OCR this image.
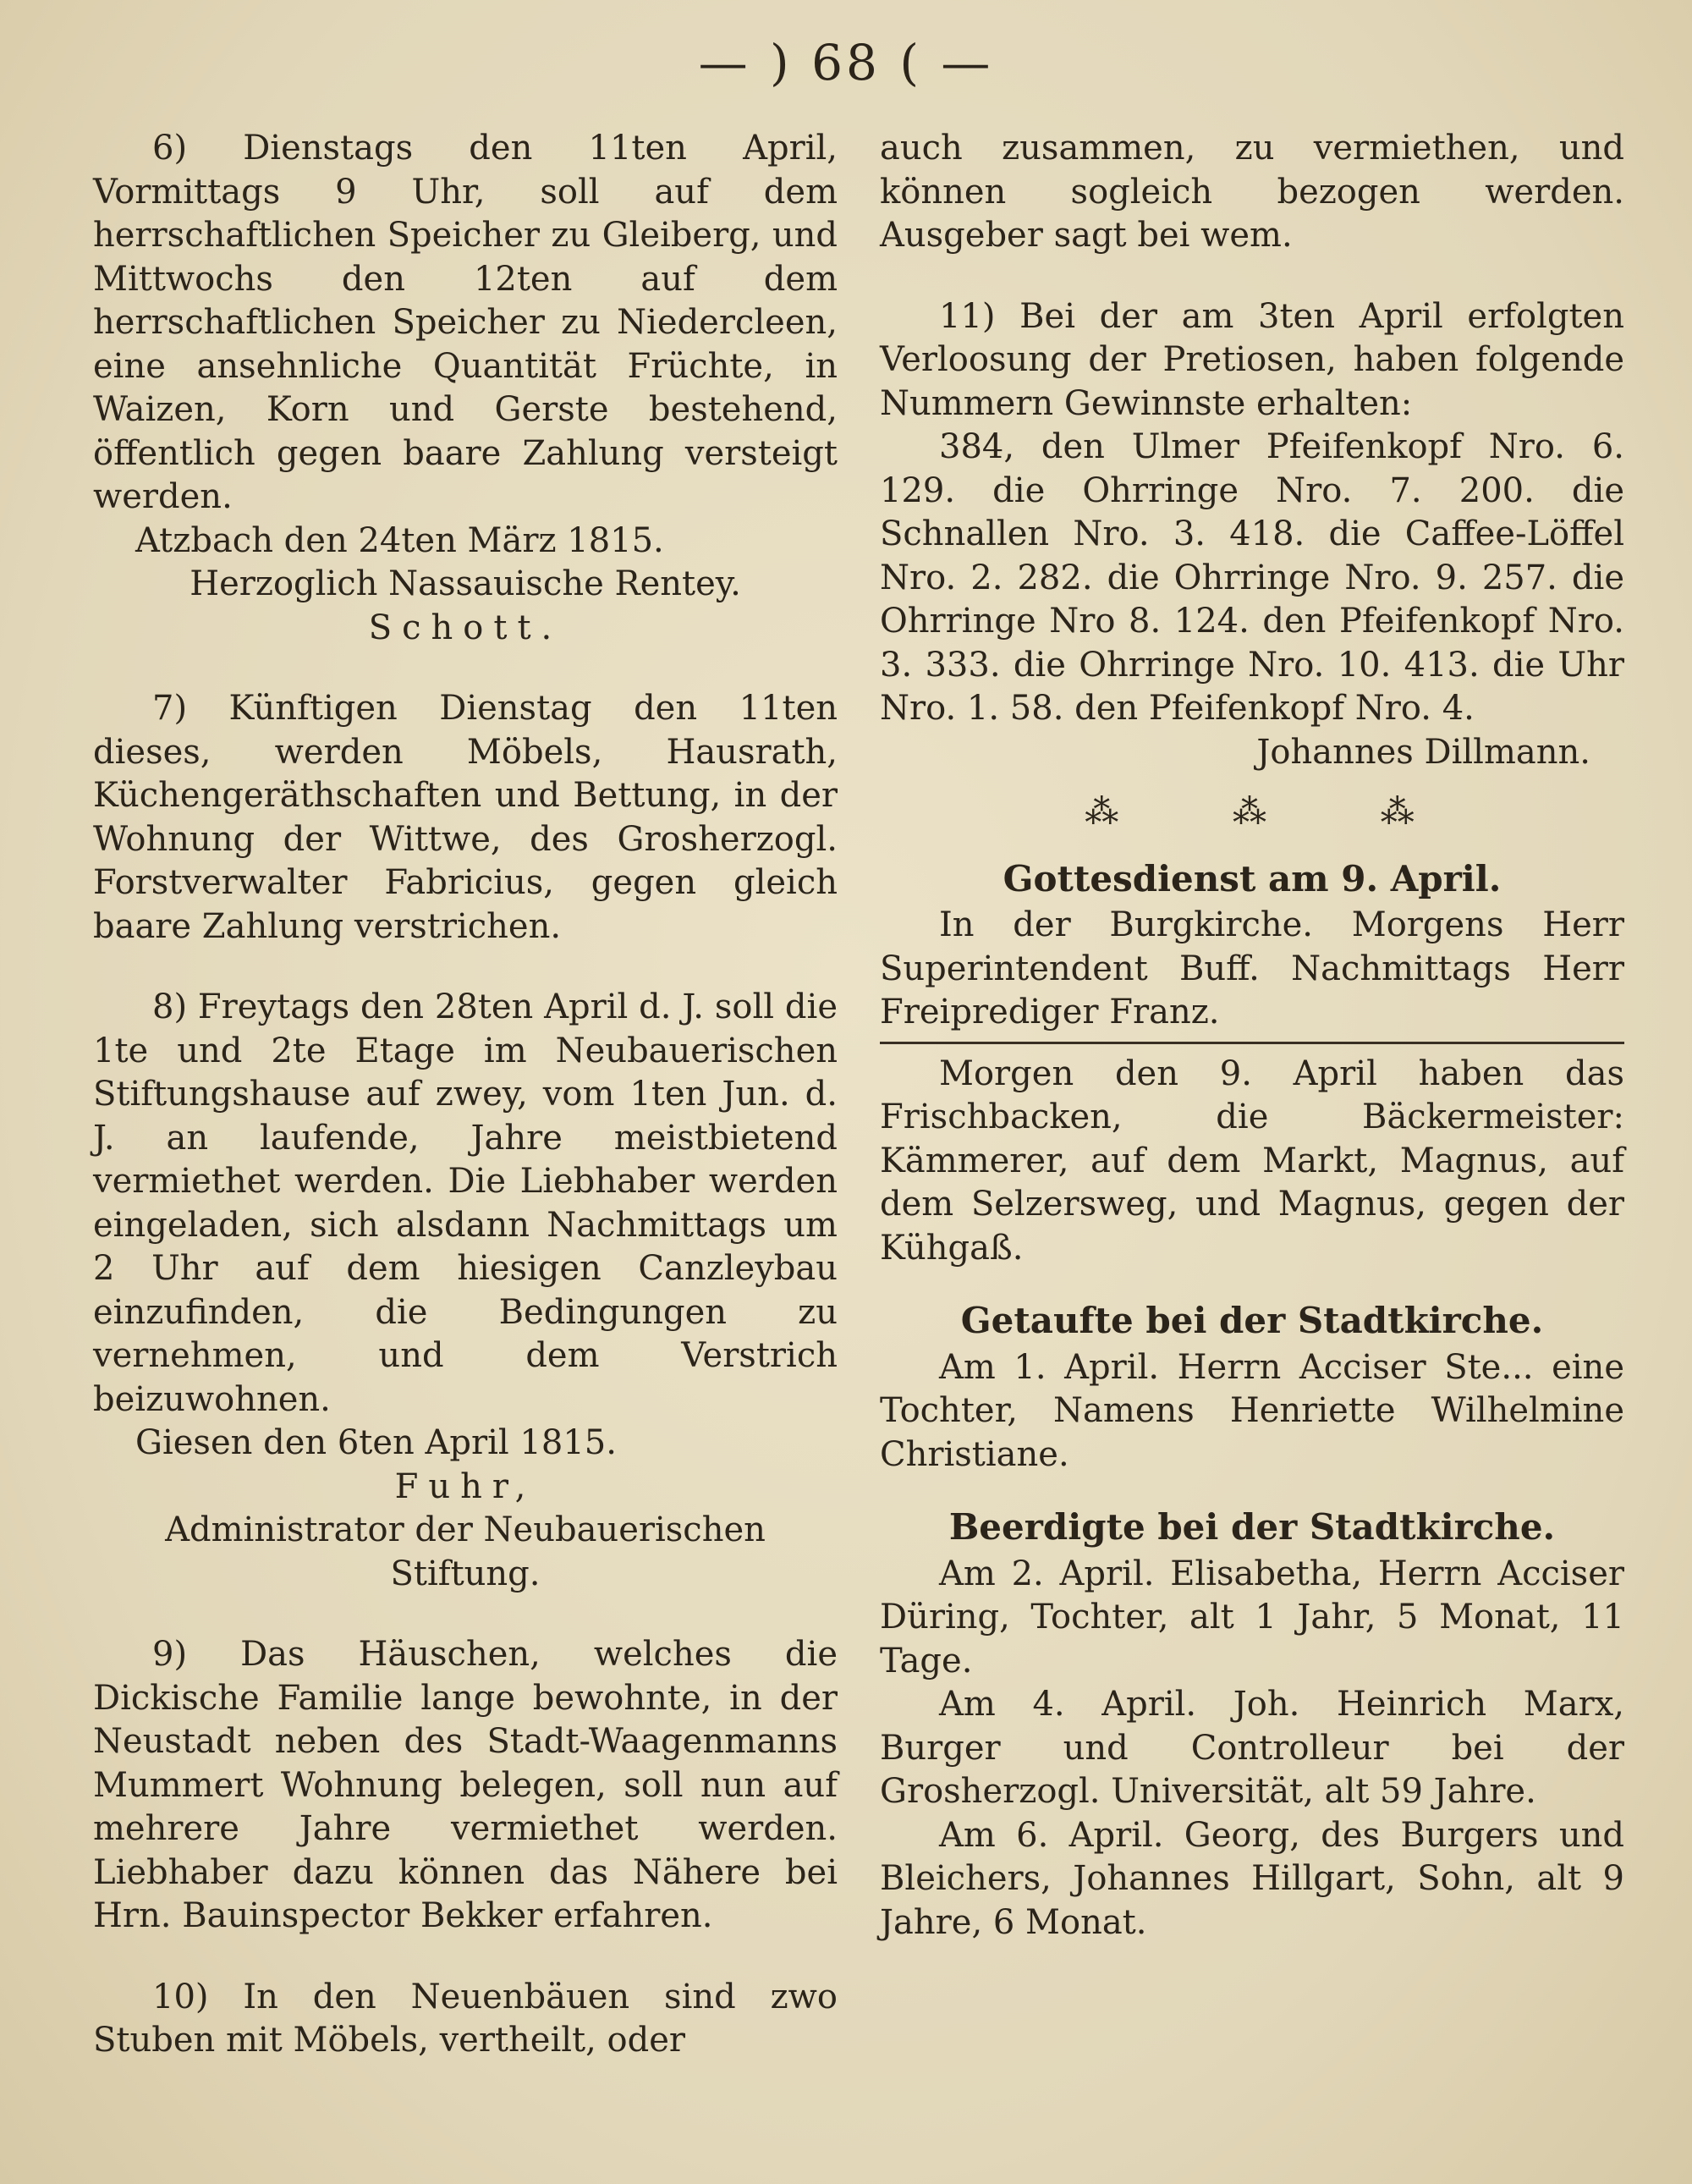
— ) 68 ( —

6) Dienstags den 11ten April, Vormittags 9 Uhr, soll auf dem herrschaftlichen Speicher zu Gleiberg, und Mittwochs den 12ten auf dem herrschaftlichen Speicher zu Niedercleen, eine ansehnliche Quantität Früchte, in Waizen, Korn und Gerste bestehend, öffentlich gegen baare Zahlung versteigt werden.

Atzbach den 24ten März 1815.

Herzoglich Nassauische Rentey.

Schott.

7) Künftigen Dienstag den 11ten dieses, werden Möbels, Hausrath, Küchengeräthschaften und Bettung, in der Wohnung der Wittwe, des Grosherzogl. Forstverwalter Fabricius, gegen gleich baare Zahlung verstrichen.

8) Freytags den 28ten April d. J. soll die 1te und 2te Etage im Neubauerischen Stiftungshause auf zwey, vom 1ten Jun. d. J. an laufende, Jahre meistbietend vermiethet werden. Die Liebhaber werden eingeladen, sich alsdann Nachmittags um 2 Uhr auf dem hiesigen Canzleybau einzufinden, die Bedingungen zu vernehmen, und dem Verstrich beizuwohnen.

Giesen den 6ten April 1815.

Fuhr,

Administrator der Neubauerischen

Stiftung.

9) Das Häuschen, welches die Dickische Familie lange bewohnte, in der Neustadt neben des Stadt-Waagenmanns Mummert Wohnung belegen, soll nun auf mehrere Jahre vermiethet werden. Liebhaber dazu können das Nähere bei Hrn. Bauinspector Bekker erfahren.

10) In den Neuenbäuen sind zwo Stuben mit Möbels, vertheilt, oder

auch zusammen, zu vermiethen, und können sogleich bezogen werden. Ausgeber sagt bei wem.

11) Bei der am 3ten April erfolgten Verloosung der Pretiosen, haben folgende Nummern Gewinnste erhalten:

384, den Ulmer Pfeifenkopf Nro. 6. 129. die Ohrringe Nro. 7. 200. die Schnallen Nro. 3. 418. die Caffee-Löffel Nro. 2. 282. die Ohrringe Nro. 9. 257. die Ohrringe Nro 8. 124. den Pfeifenkopf Nro. 3. 333. die Ohrringe Nro. 10. 413. die Uhr Nro. 1. 58. den Pfeifenkopf Nro. 4.

Johannes Dillmann.

⁂ ⁂ ⁂

Gottesdienst am 9. April.

In der Burgkirche. Morgens Herr Superintendent Buff. Nachmittags Herr Freiprediger Franz.

Morgen den 9. April haben das Frischbacken, die Bäckermeister: Kämmerer, auf dem Markt, Magnus, auf dem Selzersweg, und Magnus, gegen der Kühgaß.

Getaufte bei der Stadtkirche.

Am 1. April. Herrn Acciser Ste... eine Tochter, Namens Henriette Wilhelmine Christiane.

Beerdigte bei der Stadtkirche.

Am 2. April. Elisabetha, Herrn Acciser Düring, Tochter, alt 1 Jahr, 5 Monat, 11 Tage.

Am 4. April. Joh. Heinrich Marx, Burger und Controlleur bei der Grosherzogl. Universität, alt 59 Jahre.

Am 6. April. Georg, des Burgers und Bleichers, Johannes Hillgart, Sohn, alt 9 Jahre, 6 Monat.
